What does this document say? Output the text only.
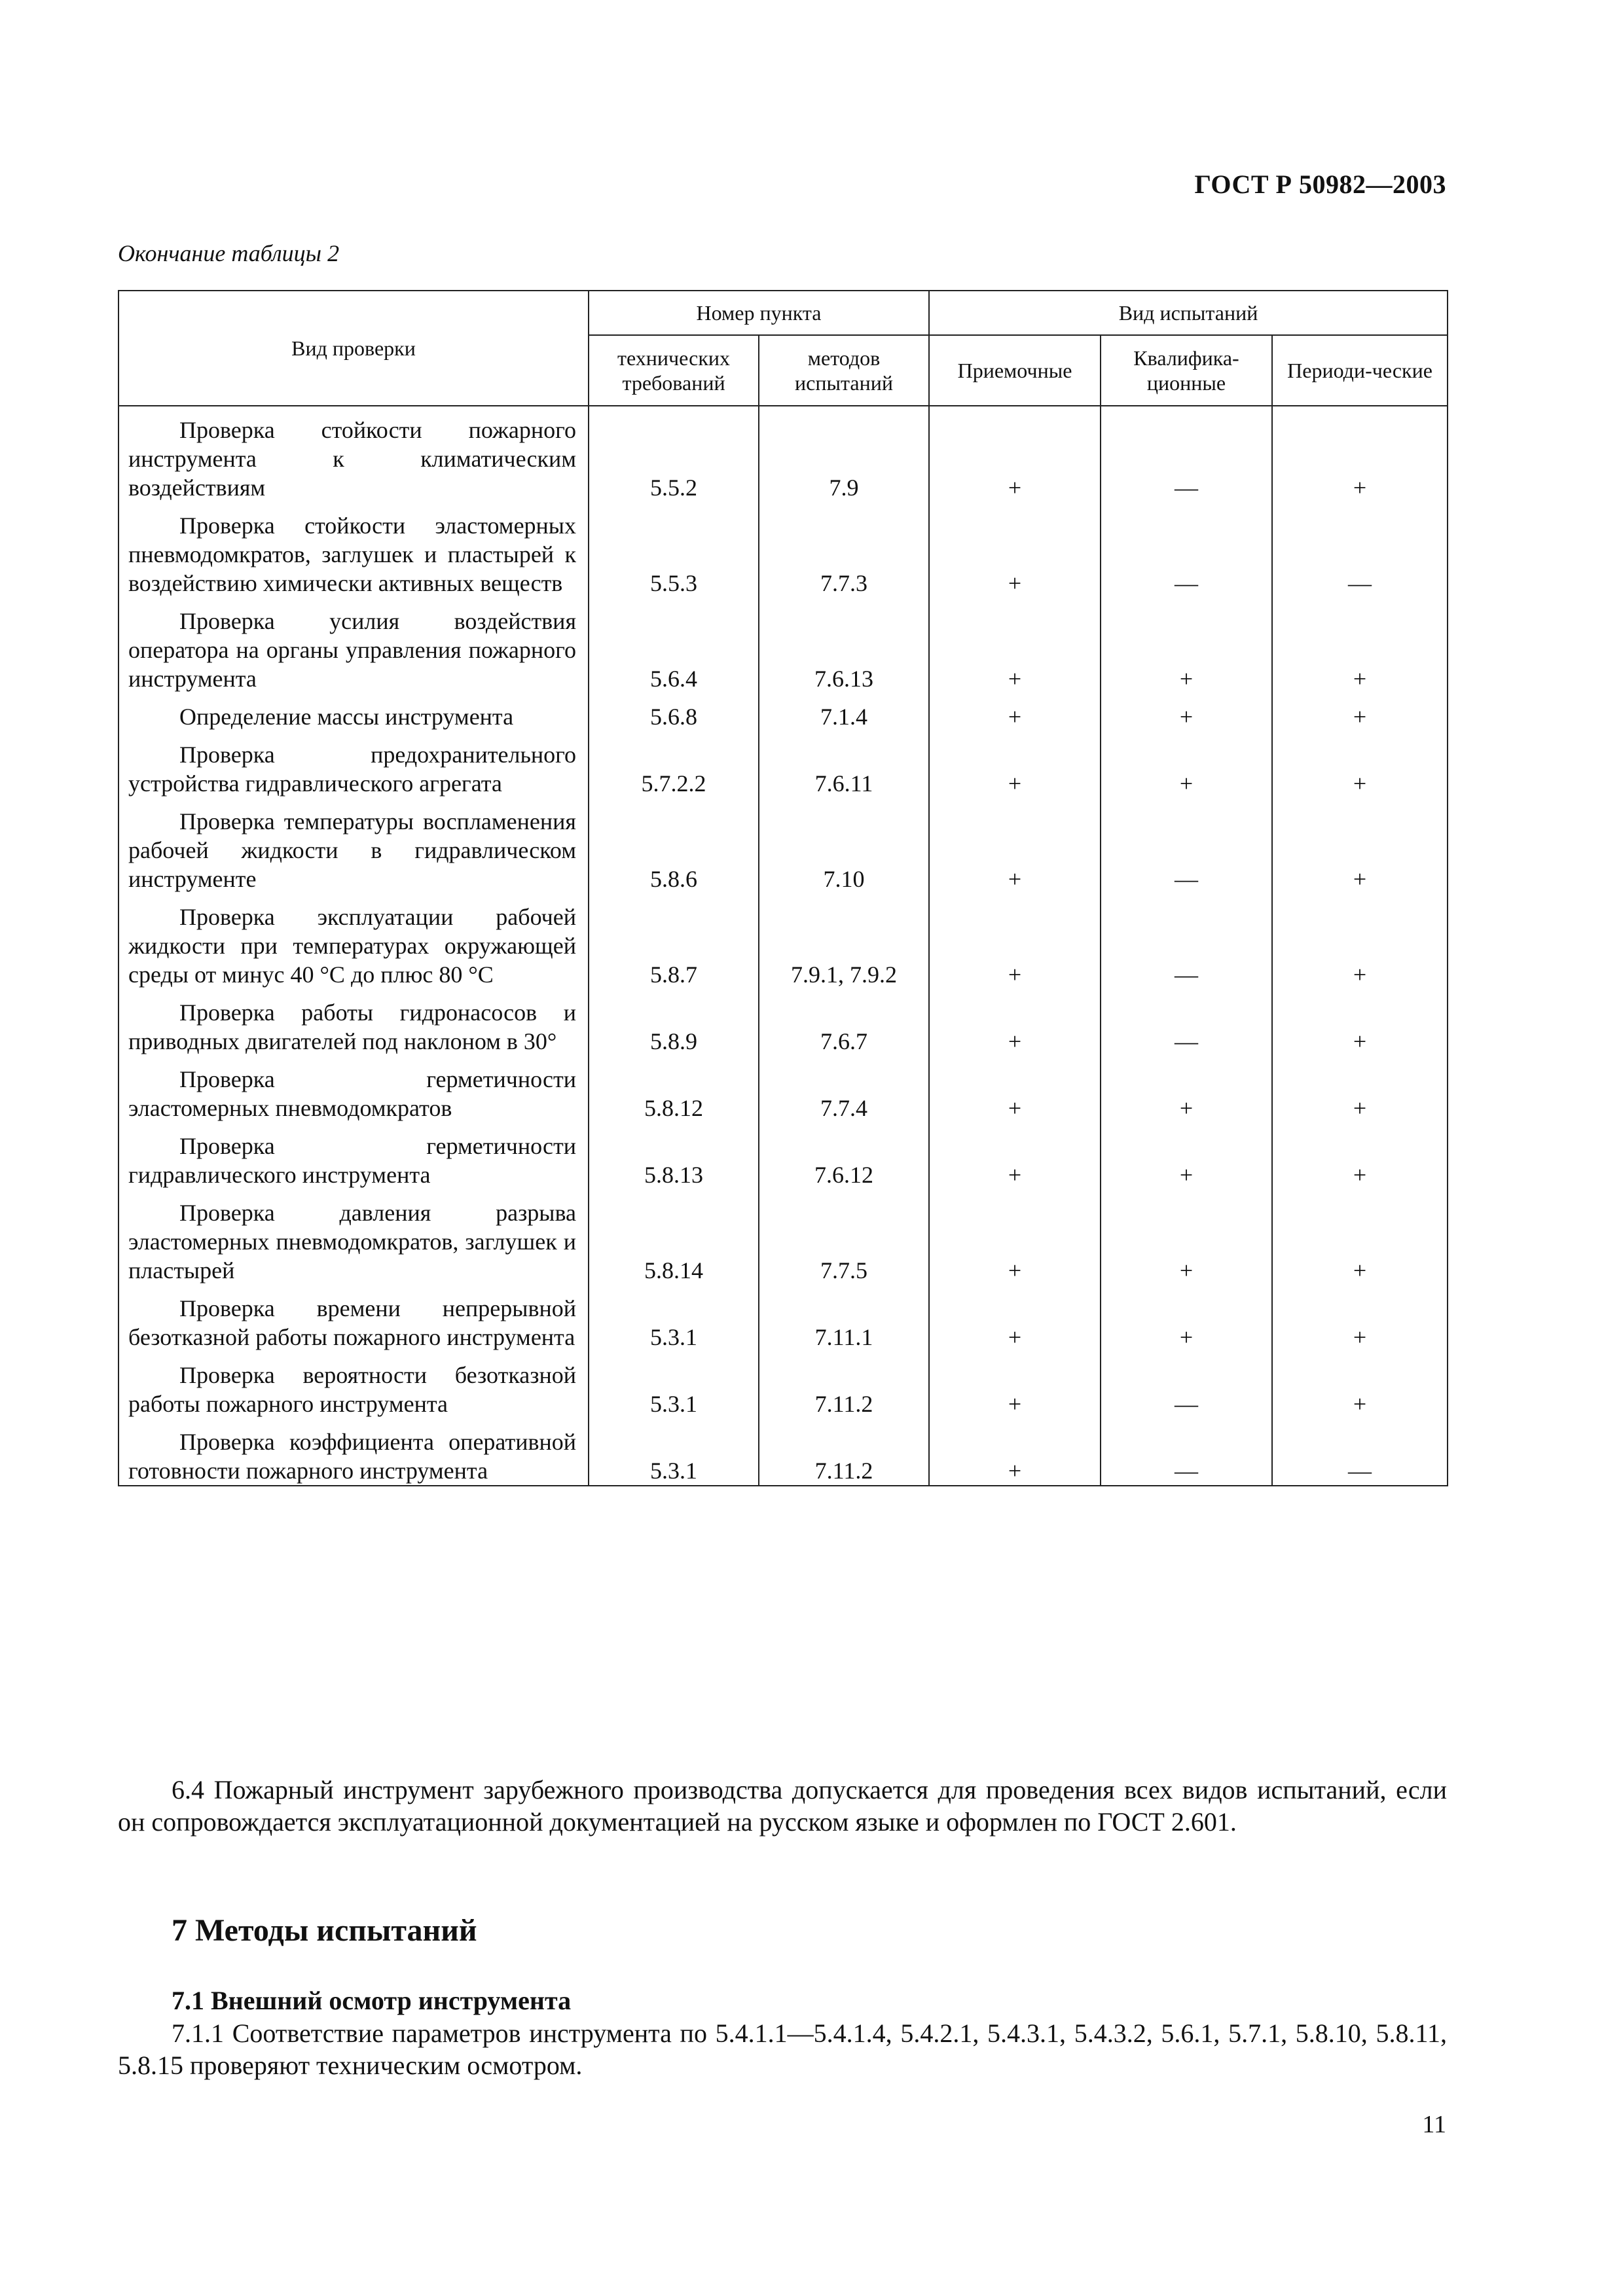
ГОСТ Р 50982—2003
Окончание таблицы 2
Вид проверки	Номер пункта		Вид испытаний		
	технических требований	методов испытаний	Приемочные	Квалифика-ционные	Периоди-ческие
Проверка стойкости пожарного инструмента к климатическим воздействиям	5.5.2	7.9	+	—	+
Проверка стойкости эластомерных пневмодомкратов, заглушек и пластырей к воздействию химически активных веществ	5.5.3	7.7.3	+	—	—
Проверка усилия воздействия оператора на органы управления пожарного инструмента	5.6.4	7.6.13	+	+	+
Определение массы инструмента	5.6.8	7.1.4	+	+	+
Проверка предохранительного устройства гидравлического агрегата	5.7.2.2	7.6.11	+	+	+
Проверка температуры воспламенения рабочей жидкости в гидравлическом инструменте	5.8.6	7.10	+	—	+
Проверка эксплуатации рабочей жидкости при температурах окружающей среды от минус 40 °С до плюс 80 °С	5.8.7	7.9.1, 7.9.2	+	—	+
Проверка работы гидронасосов и приводных двигателей под наклоном в 30°	5.8.9	7.6.7	+	—	+
Проверка герметичности эластомерных пневмодомкратов	5.8.12	7.7.4	+	+	+
Проверка герметичности гидравлического инструмента	5.8.13	7.6.12	+	+	+
Проверка давления разрыва эластомерных пневмодомкратов, заглушек и пластырей	5.8.14	7.7.5	+	+	+
Проверка времени непрерывной безотказной работы пожарного инструмента	5.3.1	7.11.1	+	+	+
Проверка вероятности безотказной работы пожарного инструмента	5.3.1	7.11.2	+	—	+
Проверка коэффициента оперативной готовности пожарного инструмента	5.3.1	7.11.2	+	—	—
6.4 Пожарный инструмент зарубежного производства допускается для проведения всех видов испытаний, если он сопровождается эксплуатационной документацией на русском языке и оформлен по ГОСТ 2.601.
7 Методы испытаний
7.1 Внешний осмотр инструмента
7.1.1 Соответствие параметров инструмента по 5.4.1.1—5.4.1.4, 5.4.2.1, 5.4.3.1, 5.4.3.2, 5.6.1, 5.7.1, 5.8.10, 5.8.11, 5.8.15 проверяют техническим осмотром.
11
